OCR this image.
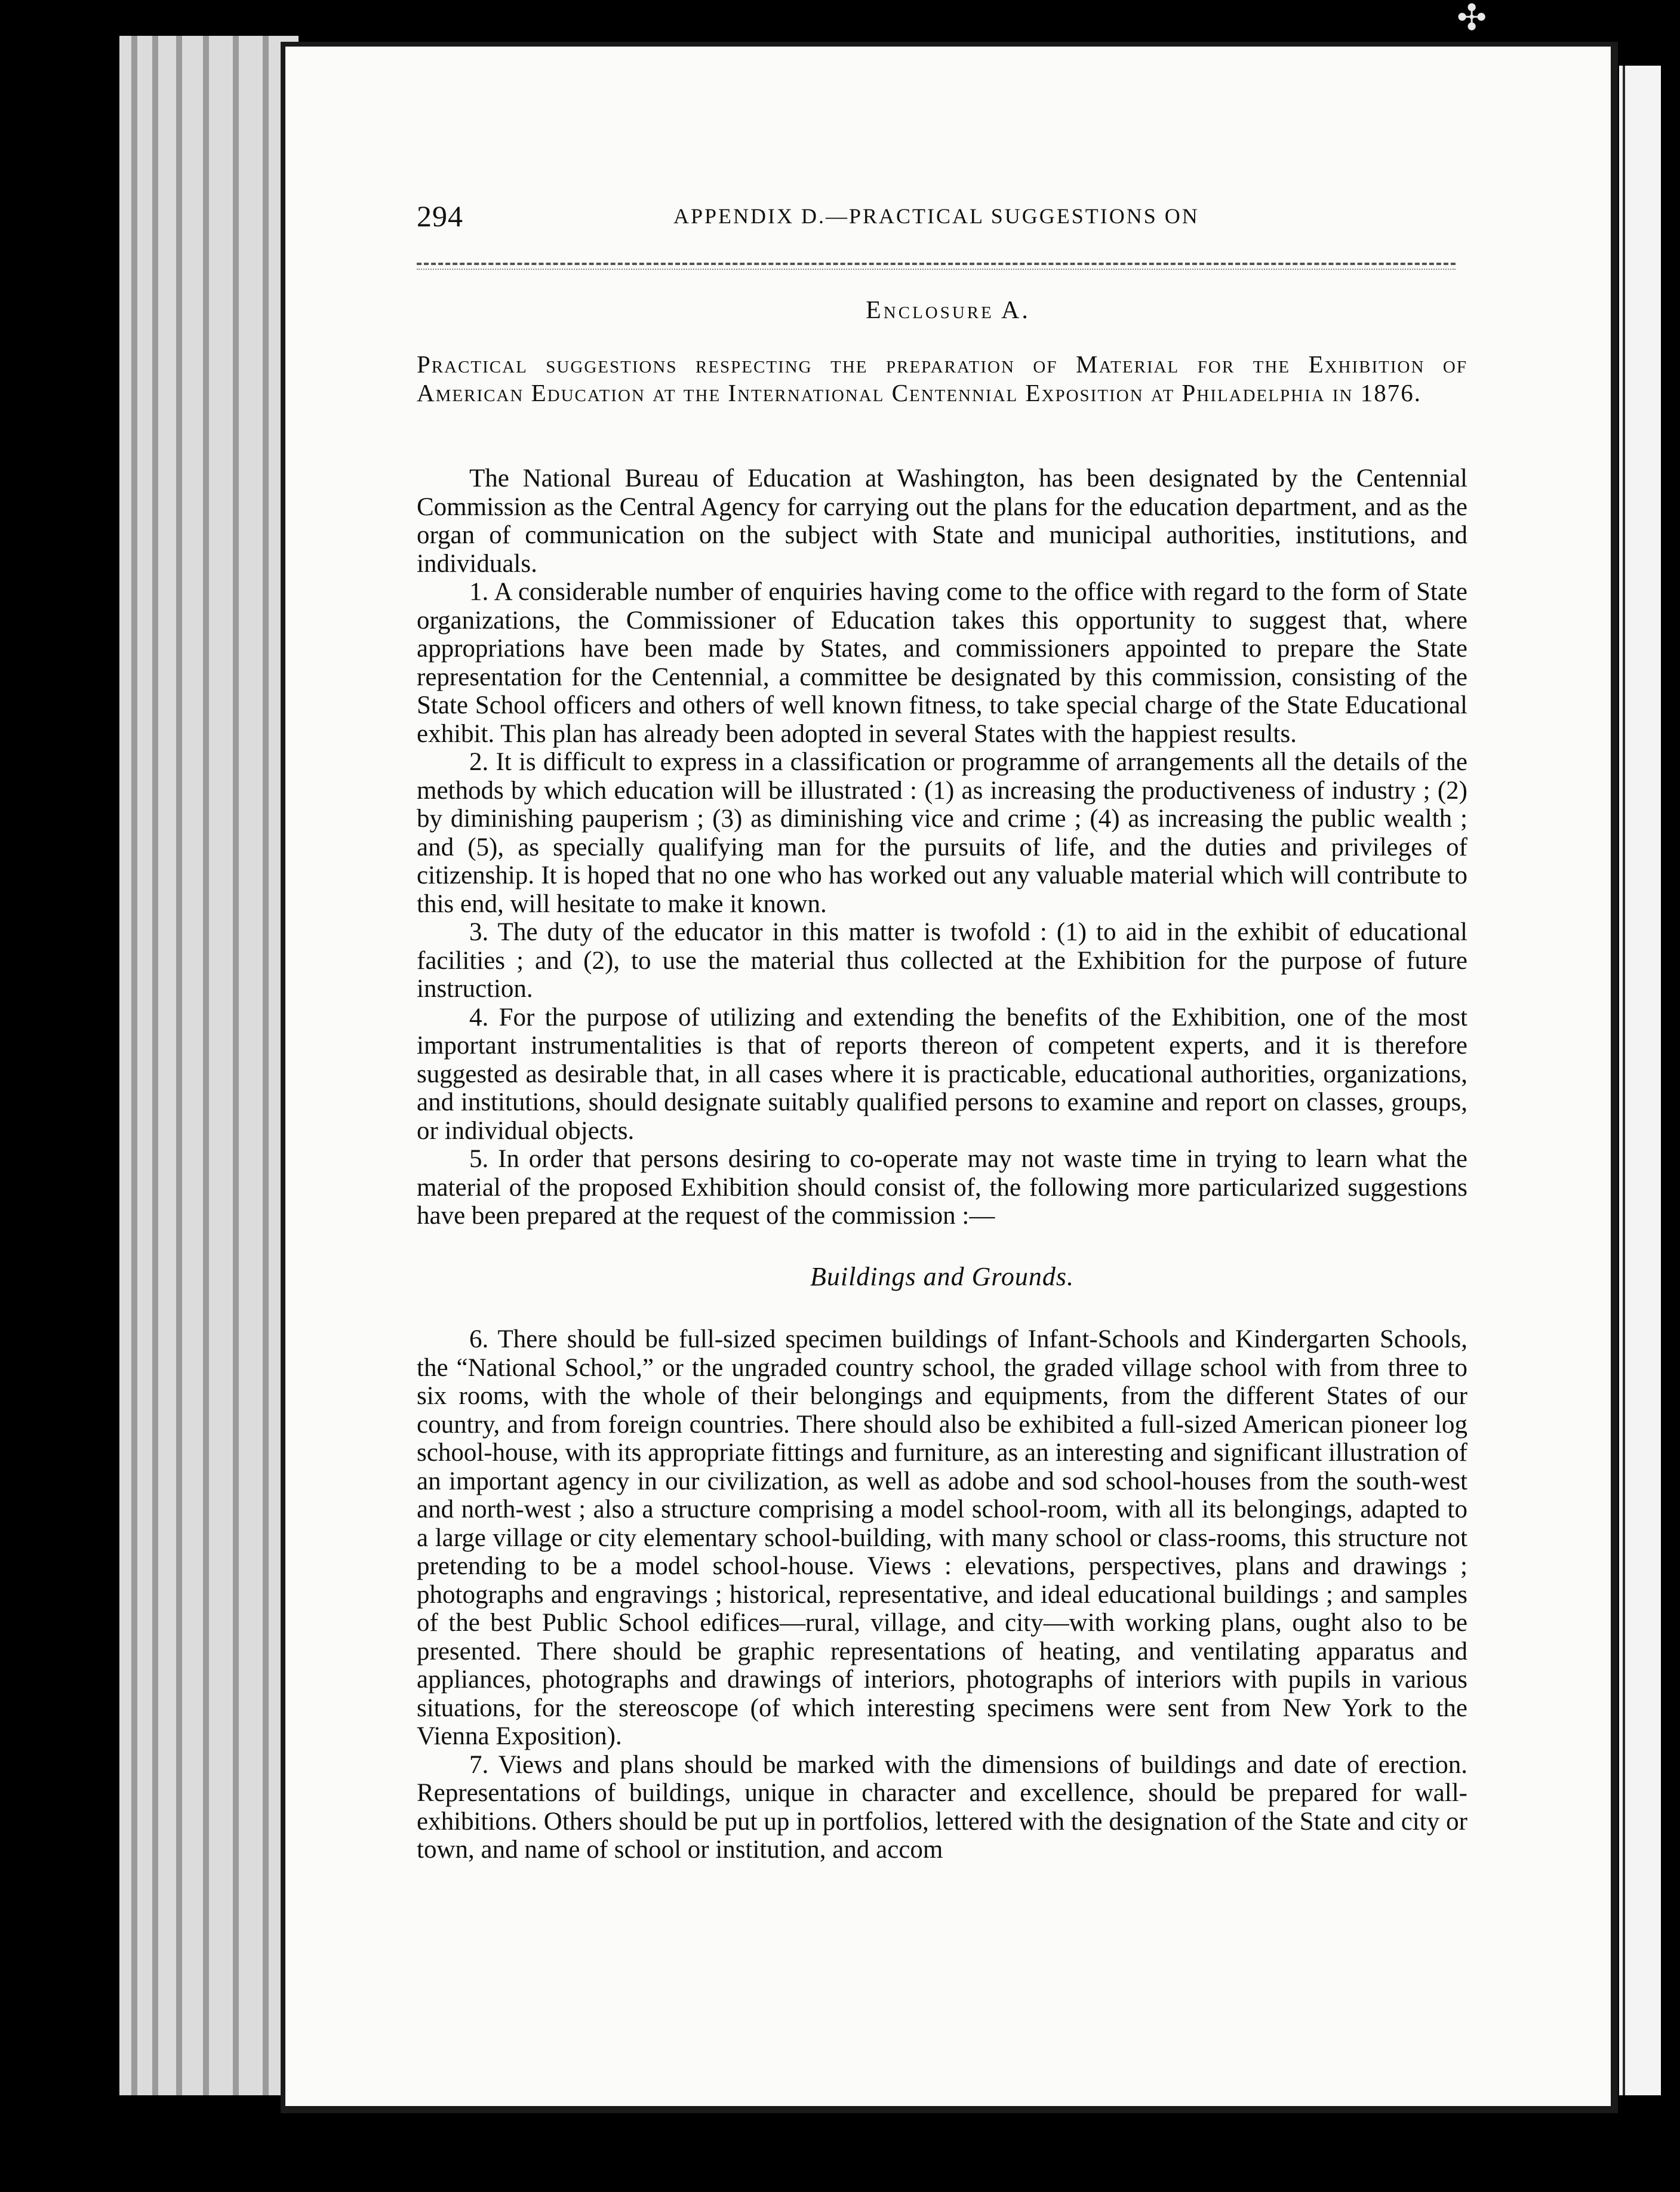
294	APPENDIX D.—PRACTICAL SUGGESTIONS ON
Enclosure A.
Practical suggestions respecting the preparation of Material for the Exhibition of American Education at the International Centennial Exposition at Philadelphia in 1876.

The National Bureau of Education at Washington, has been designated by the Centennial Commission as the Central Agency for carrying out the plans for the education department, and as the organ of communication on the subject with State and municipal authorities, institutions, and individuals.

1. A considerable number of enquiries having come to the office with regard to the form of State organizations, the Commissioner of Education takes this opportunity to suggest that, where appropriations have been made by States, and commissioners appointed to prepare the State representation for the Centennial, a committee be designated by this commission, consisting of the State School officers and others of well known fitness, to take special charge of the State Educational exhibit. This plan has already been adopted in several States with the happiest results.

2. It is difficult to express in a classification or programme of arrangements all the details of the methods by which education will be illustrated : (1) as increasing the productiveness of industry ; (2) by diminishing pauperism ; (3) as diminishing vice and crime ; (4) as increasing the public wealth ; and (5), as specially qualifying man for the pursuits of life, and the duties and privileges of citizenship. It is hoped that no one who has worked out any valuable material which will contribute to this end, will hesitate to make it known.

3. The duty of the educator in this matter is twofold : (1) to aid in the exhibit of educational facilities ; and (2), to use the material thus collected at the Exhibition for the purpose of future instruction.

4. For the purpose of utilizing and extending the benefits of the Exhibition, one of the most important instrumentalities is that of reports thereon of competent experts, and it is therefore suggested as desirable that, in all cases where it is practicable, educational authorities, organizations, and institutions, should designate suitably qualified persons to examine and report on classes, groups, or individual objects.

5. In order that persons desiring to co-operate may not waste time in trying to learn what the material of the proposed Exhibition should consist of, the following more particularized suggestions have been prepared at the request of the commission :—

Buildings and Grounds.

6. There should be full-sized specimen buildings of Infant-Schools and Kindergarten Schools, the “National School,” or the ungraded country school, the graded village school with from three to six rooms, with the whole of their belongings and equipments, from the different States of our country, and from foreign countries. There should also be exhibited a full-sized American pioneer log school-house, with its appropriate fittings and furniture, as an interesting and significant illustration of an important agency in our civilization, as well as adobe and sod school-houses from the south-west and north-west ; also a structure comprising a model school-room, with all its belongings, adapted to a large village or city elementary school-building, with many school or class-rooms, this structure not pretending to be a model school-house. Views : elevations, perspectives, plans and drawings ; photographs and engravings ; historical, representative, and ideal educational buildings ; and samples of the best Public School edifices—rural, village, and city—with working plans, ought also to be presented. There should be graphic representations of heating, and ventilating apparatus and appliances, photographs and drawings of interiors, photographs of interiors with pupils in various situations, for the stereoscope (of which interesting specimens were sent from New York to the Vienna Exposition).

7. Views and plans should be marked with the dimensions of buildings and date of erection. Representations of buildings, unique in character and excellence, should be prepared for wall-exhibitions. Others should be put up in portfolios, lettered with the designation of the State and city or town, and name of school or institution, and accom

✣
